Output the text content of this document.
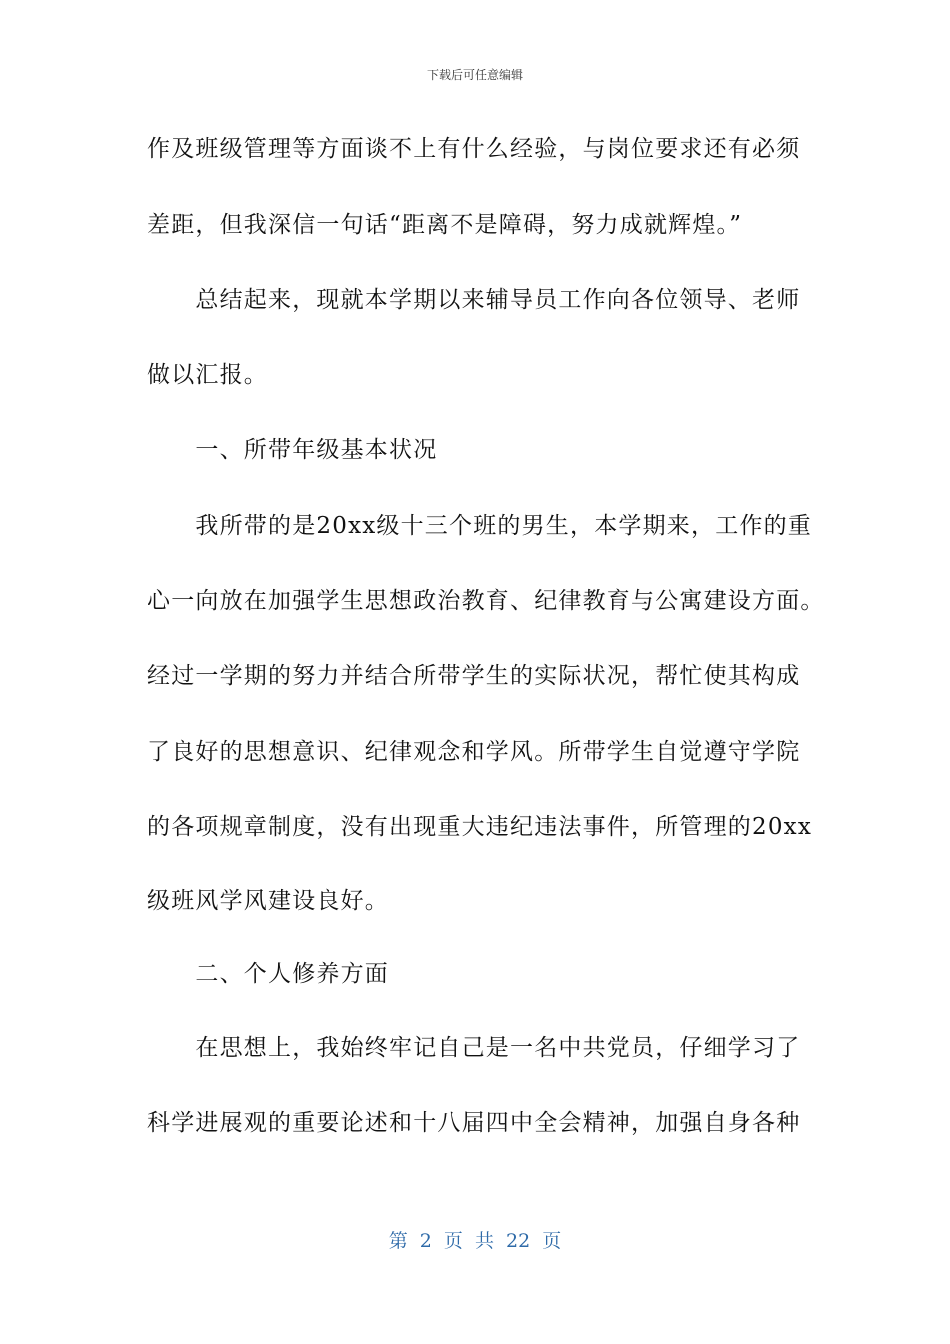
下载后可任意编辑
作及班级管理等方面谈不上有什么经验，与岗位要求还有必须
差距，但我深信一句话“距离不是障碍，努力成就辉煌。”
　　总结起来，现就本学期以来辅导员工作向各位领导、老师
做以汇报。
　　一、所带年级基本状况
　　我所带的是20xx级十三个班的男生，本学期来，工作的重
心一向放在加强学生思想政治教育、纪律教育与公寓建设方面。
经过一学期的努力并结合所带学生的实际状况，帮忙使其构成
了良好的思想意识、纪律观念和学风。所带学生自觉遵守学院
的各项规章制度，没有出现重大违纪违法事件，所管理的20xx
级班风学风建设良好。
　　二、个人修养方面
　　在思想上，我始终牢记自己是一名中共党员，仔细学习了
科学进展观的重要论述和十八届四中全会精神，加强自身各种
第 2 页 共 22 页
